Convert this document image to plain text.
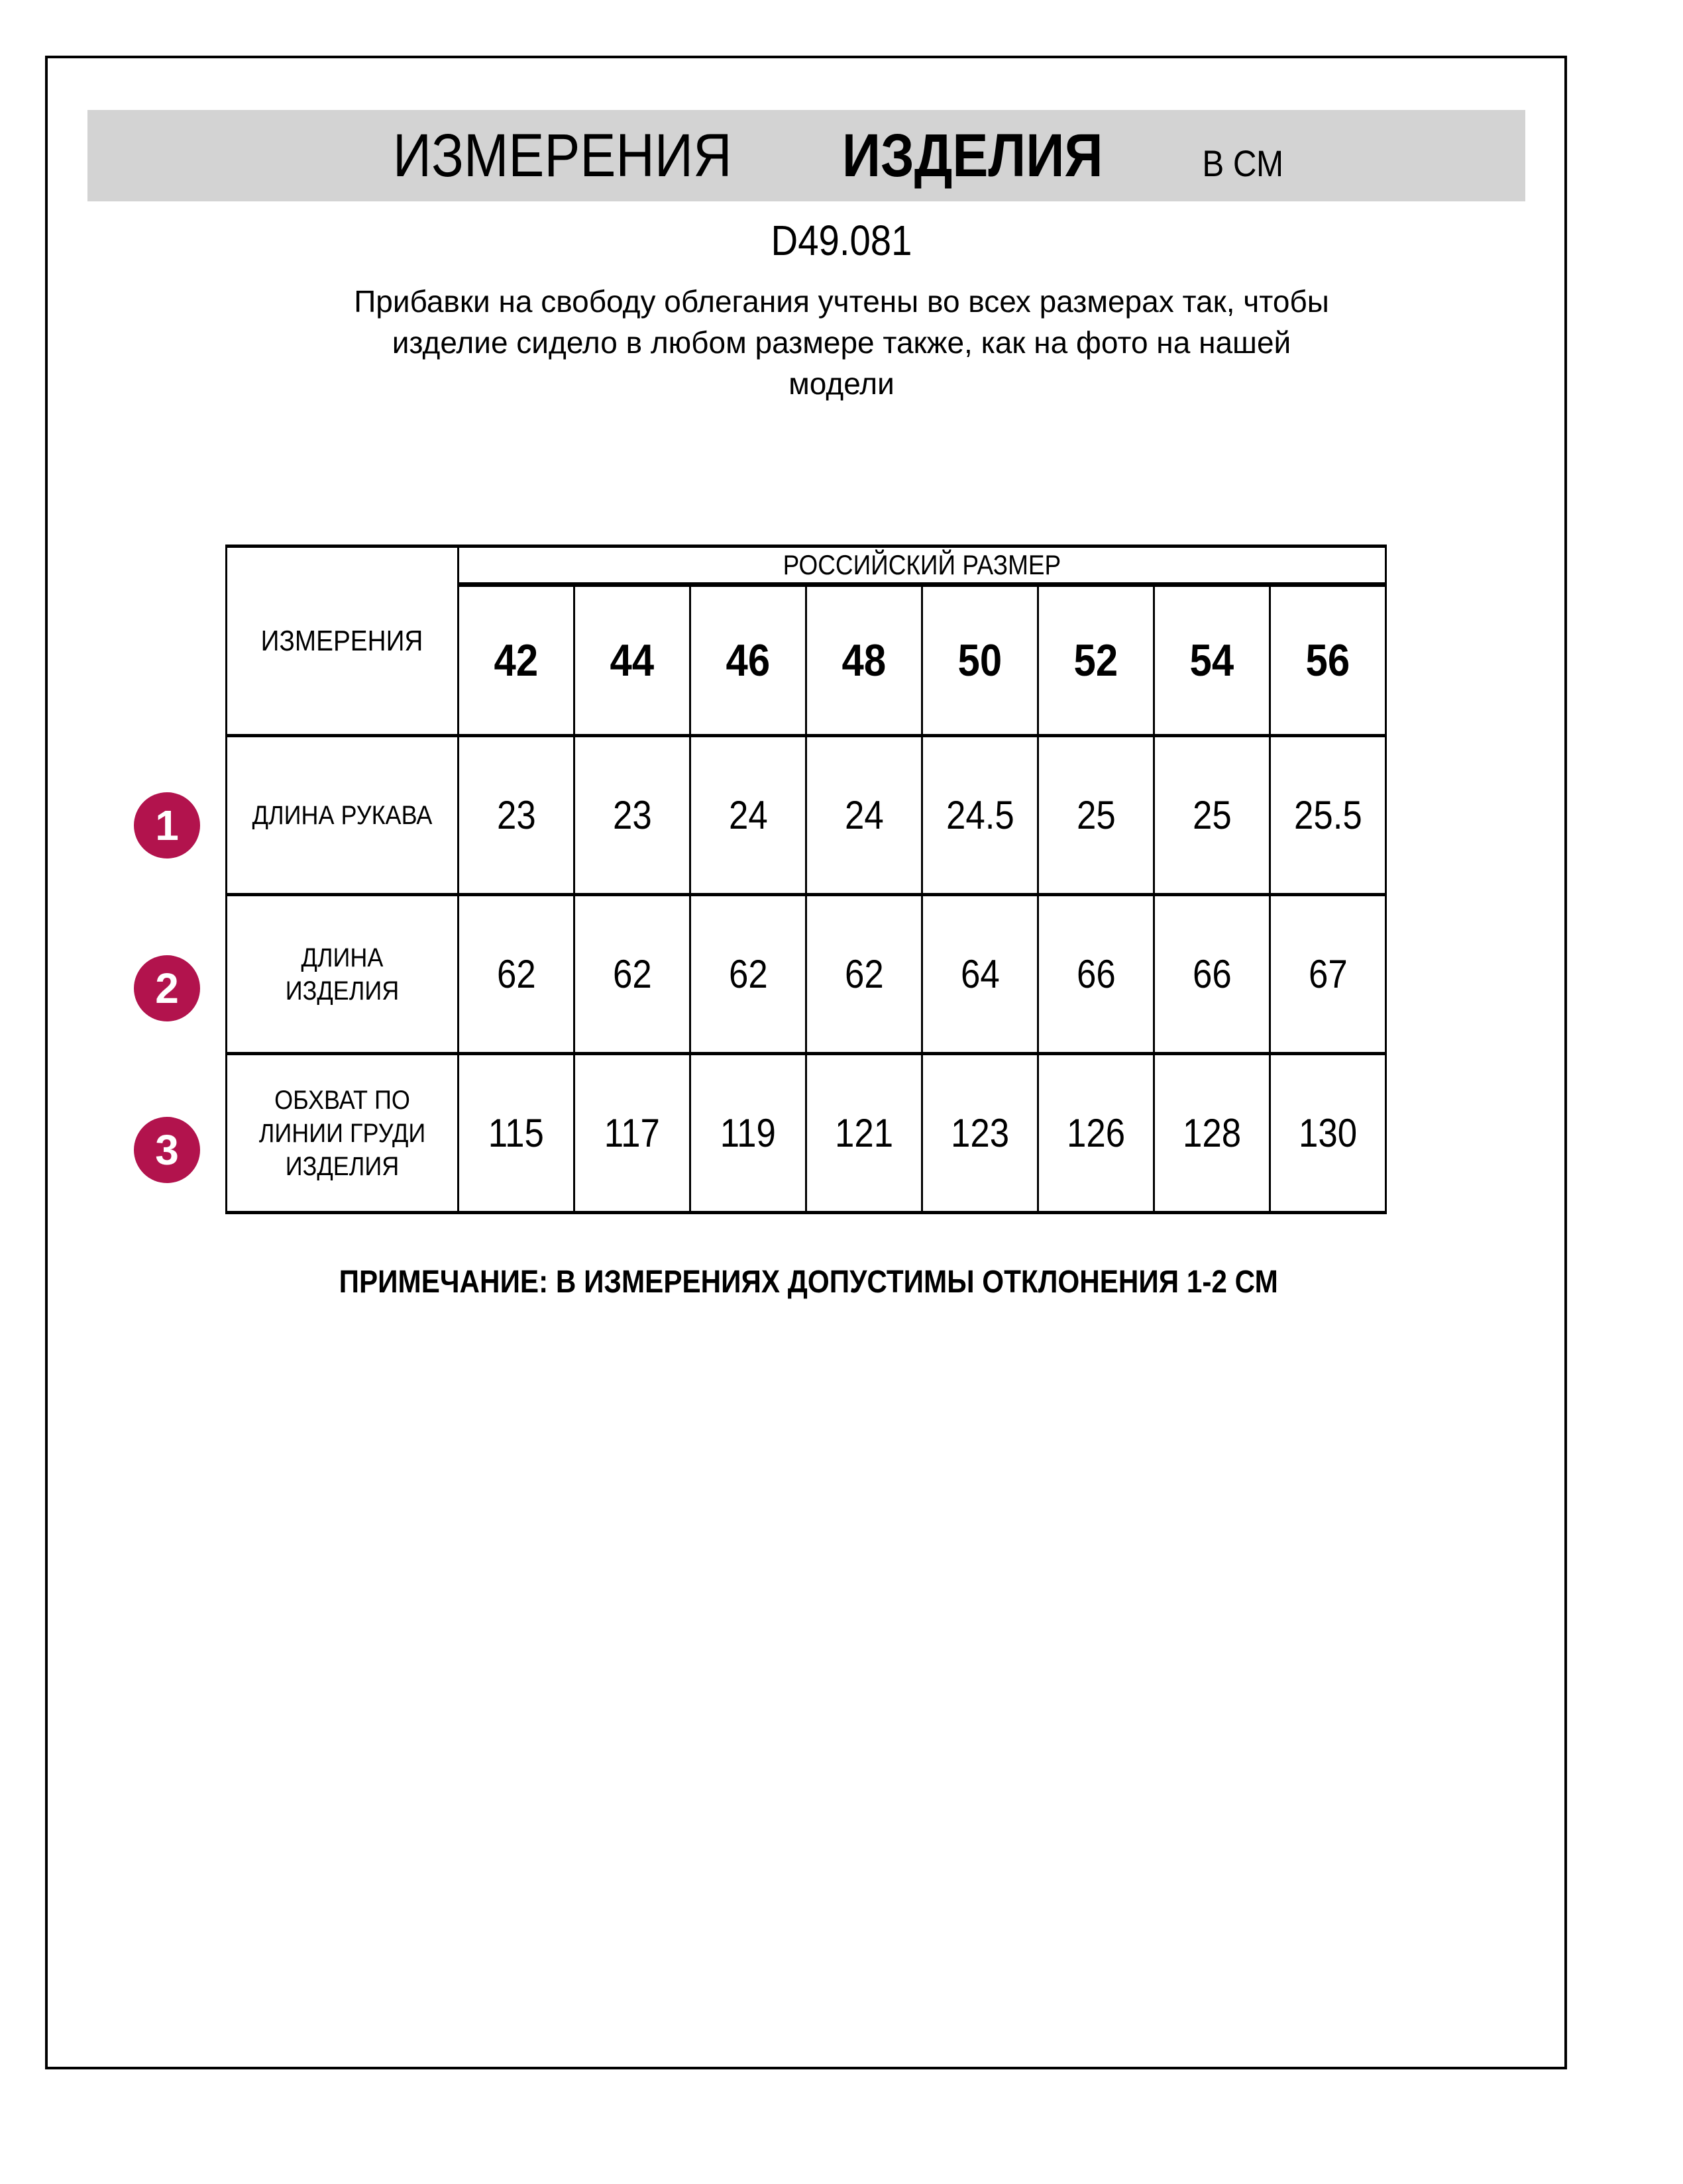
ИЗМЕРЕНИЯ ИЗДЕЛИЯ	В СМ
D49.081
Прибавки на свободу облегания учтены во всех размерах так, чтобы
изделие сидело в любом размере также, как на фото на нашей
модели
ИЗМЕРЕНИЯ	РОССИЙСКИЙ РАЗМЕР							
	42	44	46	48	50	52	54	56

ДЛИНА РУКАВА	23	23	24	24	24.5	25	25	25.5

ДЛИНА
ИЗДЕЛИЯ	62	62	62	62	64	66	66	67

ОБХВАТ ПО
ЛИНИИ ГРУДИ
ИЗДЕЛИЯ	115	117	119	121	123	126	128	130
1
2
3
ПРИМЕЧАНИЕ: В ИЗМЕРЕНИЯХ ДОПУСТИМЫ ОТКЛОНЕНИЯ 1-2 СМ
